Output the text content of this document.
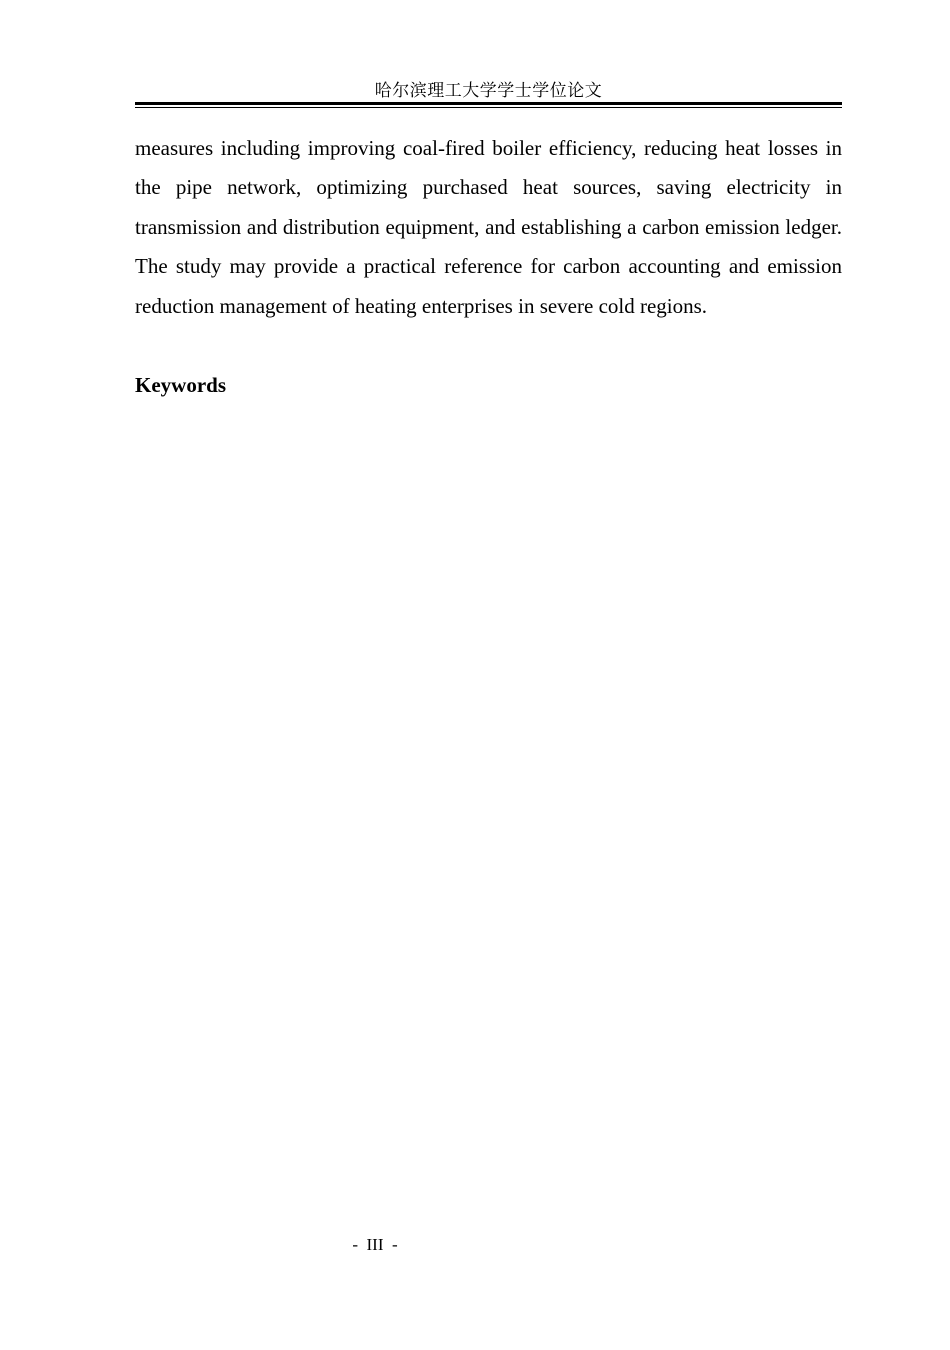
哈尔滨理工大学学士学位论文

measures including improving coal-fired boiler efficiency, reducing heat losses in the pipe network, optimizing purchased heat sources, saving electricity in transmission and distribution equipment, and establishing a carbon emission ledger. The study may provide a practical reference for carbon accounting and emission reduction management of heating enterprises in severe cold regions.

Keywords

-  III  -
